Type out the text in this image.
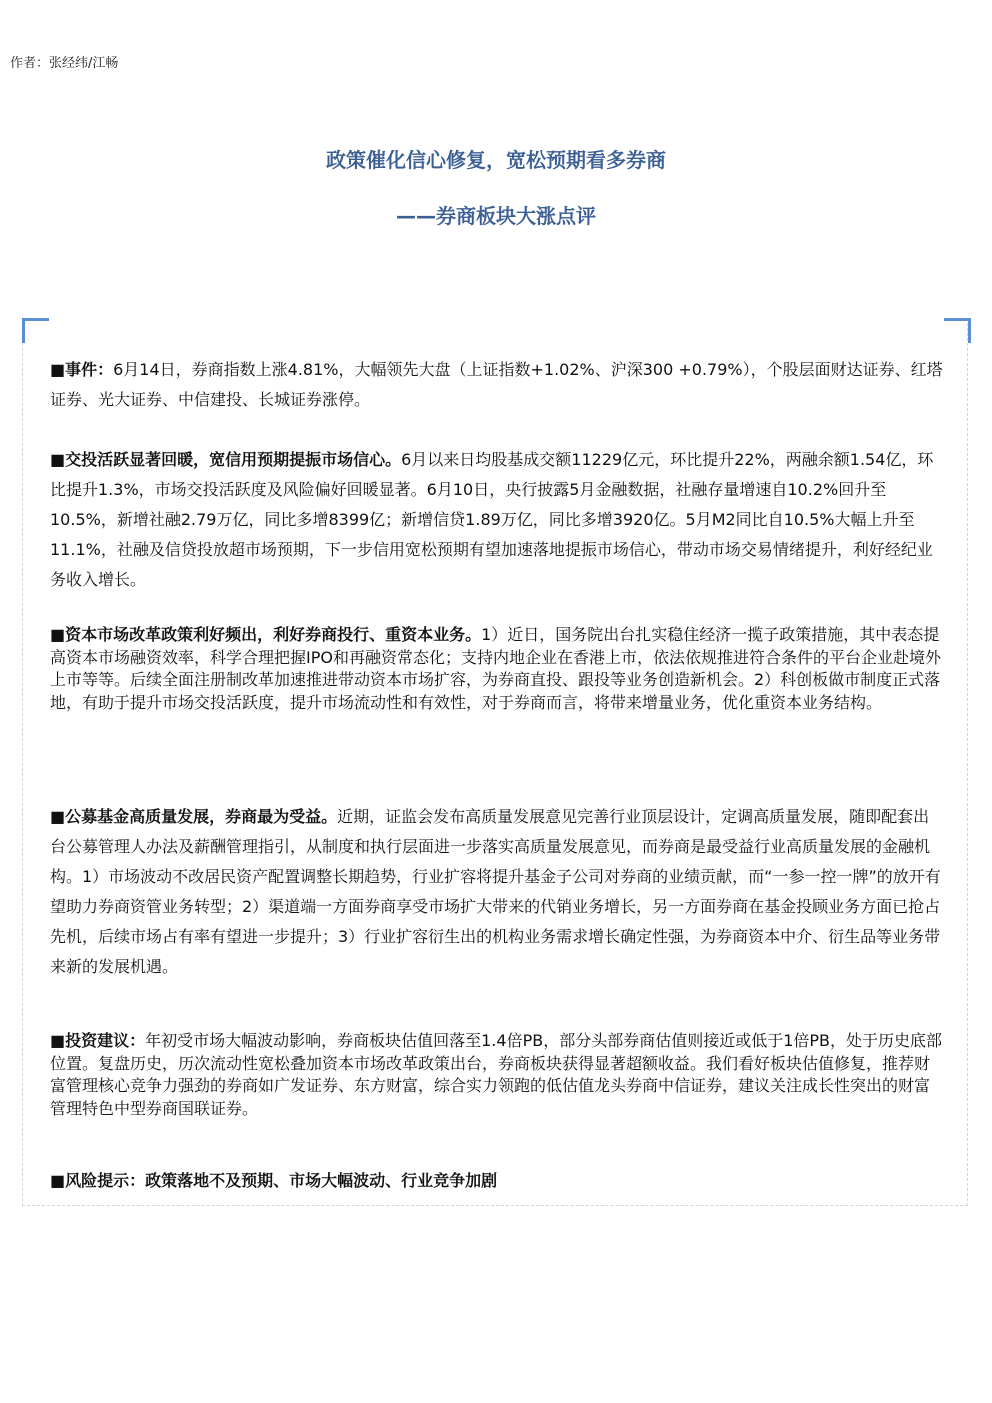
作者：张经纬/江畅
政策催化信心修复，宽松预期看多券商
——券商板块大涨点评

■事件：6月14日，券商指数上涨4.81%，大幅领先大盘（上证指数+1.02%、沪深300 +0.79%），个股层面财达证券、红塔证券、光大证券、中信建投、长城证券涨停。

■交投活跃显著回暖，宽信用预期提振市场信心。6月以来日均股基成交额11229亿元，环比提升22%，两融余额1.54亿，环比提升1.3%，市场交投活跃度及风险偏好回暖显著。6月10日，央行披露5月金融数据，社融存量增速自10.2%回升至10.5%，新增社融2.79万亿，同比多增8399亿；新增信贷1.89万亿，同比多增3920亿。5月M2同比自10.5%大幅上升至11.1%，社融及信贷投放超市场预期，下一步信用宽松预期有望加速落地提振市场信心，带动市场交易情绪提升，利好经纪业务收入增长。

■资本市场改革政策利好频出，利好券商投行、重资本业务。1）近日，国务院出台扎实稳住经济一揽子政策措施，其中表态提高资本市场融资效率，科学合理把握IPO和再融资常态化；支持内地企业在香港上市，依法依规推进符合条件的平台企业赴境外上市等等。后续全面注册制改革加速推进带动资本市场扩容，为券商直投、跟投等业务创造新机会。2）科创板做市制度正式落地，有助于提升市场交投活跃度，提升市场流动性和有效性，对于券商而言，将带来增量业务，优化重资本业务结构。

■公募基金高质量发展，券商最为受益。近期，证监会发布高质量发展意见完善行业顶层设计，定调高质量发展，随即配套出台公募管理人办法及薪酬管理指引，从制度和执行层面进一步落实高质量发展意见，而券商是最受益行业高质量发展的金融机构。1）市场波动不改居民资产配置调整长期趋势，行业扩容将提升基金子公司对券商的业绩贡献，而“一参一控一牌”的放开有望助力券商资管业务转型；2）渠道端一方面券商享受市场扩大带来的代销业务增长，另一方面券商在基金投顾业务方面已抢占先机，后续市场占有率有望进一步提升；3）行业扩容衍生出的机构业务需求增长确定性强，为券商资本中介、衍生品等业务带来新的发展机遇。

■投资建议：年初受市场大幅波动影响，券商板块估值回落至1.4倍PB，部分头部券商估值则接近或低于1倍PB，处于历史底部位置。复盘历史，历次流动性宽松叠加资本市场改革政策出台，券商板块获得显著超额收益。我们看好板块估值修复，推荐财富管理核心竞争力强劲的券商如广发证券、东方财富，综合实力领跑的低估值龙头券商中信证券，建议关注成长性突出的财富管理特色中型券商国联证券。

■风险提示：政策落地不及预期、市场大幅波动、行业竞争加剧
